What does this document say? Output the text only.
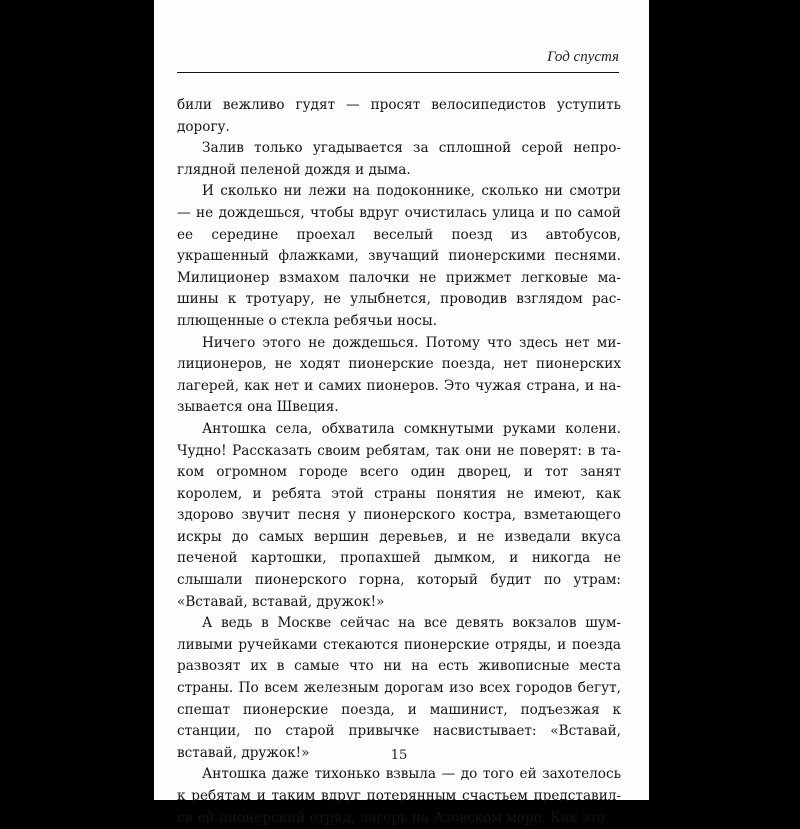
Год спустя

били вежливо гудят — просят велосипедистов уступить дорогу.

Залив только угадывается за сплошной серой непроглядной пеленой дождя и дыма.

И сколько ни лежи на подоконнике, сколько ни смотри — не дождешься, чтобы вдруг очистилась улица и по самой ее середине проехал веселый поезд из автобусов, украшенный флажками, звучащий пионерскими песнями. Милиционер взмахом палочки не прижмет легковые машины к тротуару, не улыбнется, проводив взглядом расплющенные о стекла ребячьи носы.

Ничего этого не дождешься. Потому что здесь нет милиционеров, не ходят пионерские поезда, нет пионерских лагерей, как нет и самих пионеров. Это чужая страна, и называется она Швеция.

Антошка села, обхватила сомкнутыми руками колени. Чудно! Рассказать своим ребятам, так они не поверят: в таком огромном городе всего один дворец, и тот занят королем, и ребята этой страны понятия не имеют, как здорово звучит песня у пионерского костра, взметающего искры до самых вершин деревьев, и не изведали вкуса печеной картошки, пропахшей дымком, и никогда не слышали пионерского горна, который будит по утрам: «Вставай, вставай, дружок!»

А ведь в Москве сейчас на все девять вокзалов шумливыми ручейками стекаются пионерские отряды, и поезда развозят их в самые что ни на есть живописные места страны. По всем железным дорогам изо всех городов бегут, спешат пионерские поезда, и машинист, подъезжая к станции, по старой привычке насвистывает: «Вставай, вставай, дружок!»

Антошка даже тихонько взвыла — до того ей захотелось к ребятам и таким вдруг потерянным счастьем представился ей пионерский отряд, лагерь на Азовском море. Как это

15
